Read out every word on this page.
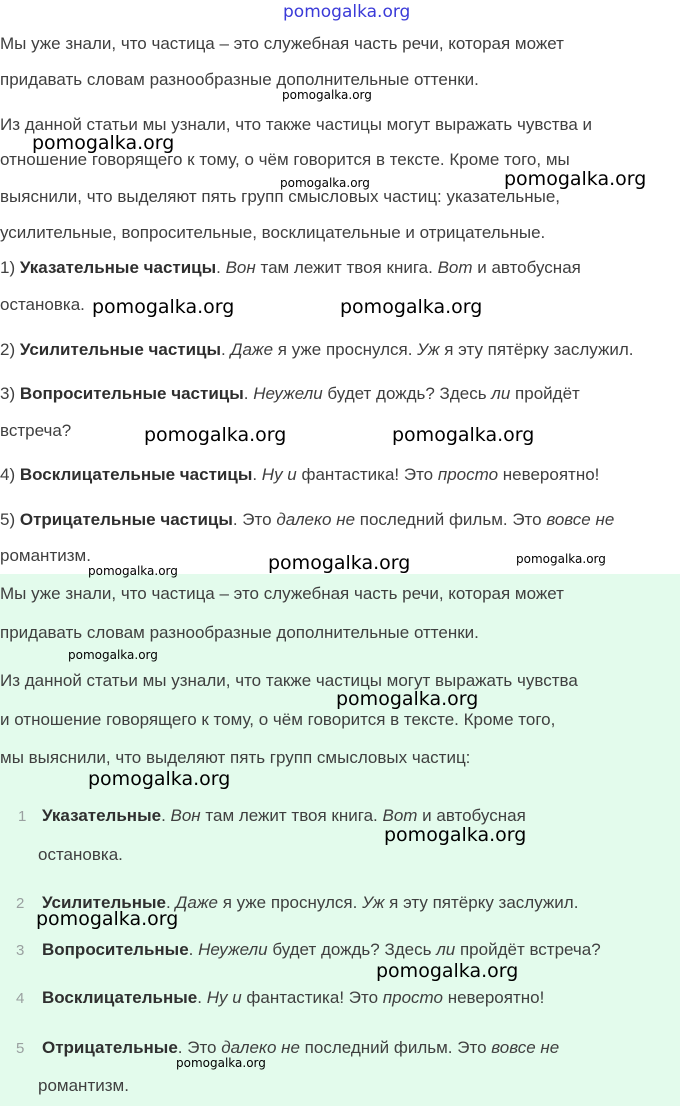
pomogalka.org
Мы уже знали, что частица – это служебная часть речи, которая может
придавать словам разнообразные дополнительные оттенки.
Из данной статьи мы узнали, что также частицы могут выражать чувства и
отношение говорящего к тому, о чём говорится в тексте. Кроме того, мы
выяснили, что выделяют пять групп смысловых частиц: указательные,
усилительные, вопросительные, восклицательные и отрицательные.
1) Указательные частицы. Вон там лежит твоя книга. Вот и автобусная
остановка.
2) Усилительные частицы. Даже я уже проснулся. Уж я эту пятёрку заслужил.
3) Вопросительные частицы. Неужели будет дождь? Здесь ли пройдёт
встреча?
4) Восклицательные частицы. Ну и фантастика! Это просто невероятно!
5) Отрицательные частицы. Это далеко не последний фильм. Это вовсе не
романтизм.
Мы уже знали, что частица – это служебная часть речи, которая может
придавать словам разнообразные дополнительные оттенки.
Из данной статьи мы узнали, что также частицы могут выражать чувства
и отношение говорящего к тому, о чём говорится в тексте. Кроме того,
мы выяснили, что выделяют пять групп смысловых частиц:
1
2
3
4
5
Указательные. Вон там лежит твоя книга. Вот и автобусная
остановка.
Усилительные. Даже я уже проснулся. Уж я эту пятёрку заслужил.
Вопросительные. Неужели будет дождь? Здесь ли пройдёт встреча?
Восклицательные. Ну и фантастика! Это просто невероятно!
Отрицательные. Это далеко не последний фильм. Это вовсе не
романтизм.
pomogalka.org
pomogalka.org
pomogalka.org	pomogalka.org
pomogalka.org	pomogalka.org
pomogalka.org	pomogalka.org
pomogalka.org	pomogalka.org	pomogalka.org
pomogalka.org
pomogalka.org
pomogalka.org
pomogalka.org
pomogalka.org
pomogalka.org
pomogalka.org
